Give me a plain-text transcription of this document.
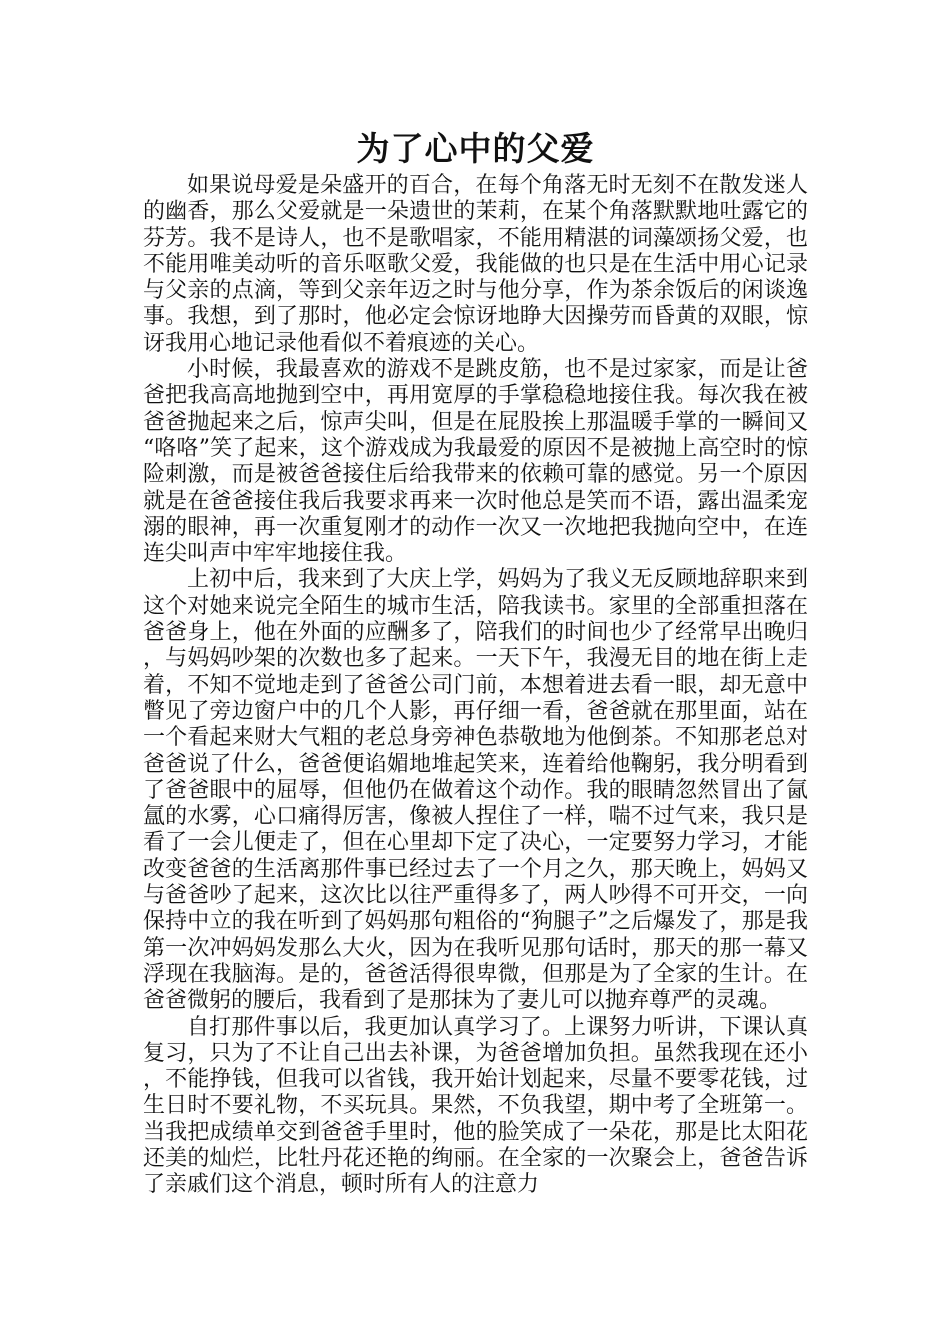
为了心中的父爱

如果说母爱是朵盛开的百合，在每个角落无时无刻不在散发迷人的幽香，那么父爱就是一朵遗世的茉莉，在某个角落默默地吐露它的芬芳。我不是诗人，也不是歌唱家，不能用精湛的词藻颂扬父爱，也不能用唯美动听的音乐呕歌父爱，我能做的也只是在生活中用心记录与父亲的点滴，等到父亲年迈之时与他分享，作为茶余饭后的闲谈逸事。我想，到了那时，他必定会惊讶地睁大因操劳而昏黄的双眼，惊讶我用心地记录他看似不着痕迹的关心。

小时候，我最喜欢的游戏不是跳皮筋，也不是过家家，而是让爸爸把我高高地抛到空中，再用宽厚的手掌稳稳地接住我。每次我在被爸爸抛起来之后，惊声尖叫，但是在屁股挨上那温暖手掌的一瞬间又“咯咯”笑了起来，这个游戏成为我最爱的原因不是被抛上高空时的惊险刺激，而是被爸爸接住后给我带来的依赖可靠的感觉。另一个原因就是在爸爸接住我后我要求再来一次时他总是笑而不语，露出温柔宠溺的眼神，再一次重复刚才的动作一次又一次地把我抛向空中，在连连尖叫声中牢牢地接住我。

上初中后，我来到了大庆上学，妈妈为了我义无反顾地辞职来到这个对她来说完全陌生的城市生活，陪我读书。家里的全部重担落在爸爸身上，他在外面的应酬多了，陪我们的时间也少了经常早出晚归，与妈妈吵架的次数也多了起来。一天下午，我漫无目的地在街上走着，不知不觉地走到了爸爸公司门前，本想着进去看一眼，却无意中瞥见了旁边窗户中的几个人影，再仔细一看，爸爸就在那里面，站在一个看起来财大气粗的老总身旁神色恭敬地为他倒茶。不知那老总对爸爸说了什么，爸爸便谄媚地堆起笑来，连着给他鞠躬，我分明看到了爸爸眼中的屈辱，但他仍在做着这个动作。我的眼睛忽然冒出了氤氲的水雾，心口痛得厉害，像被人捏住了一样，喘不过气来，我只是看了一会儿便走了，但在心里却下定了决心，一定要努力学习，才能改变爸爸的生活离那件事已经过去了一个月之久，那天晚上，妈妈又与爸爸吵了起来，这次比以往严重得多了，两人吵得不可开交，一向保持中立的我在听到了妈妈那句粗俗的“狗腿子”之后爆发了，那是我第一次冲妈妈发那么大火，因为在我听见那句话时，那天的那一幕又浮现在我脑海。是的，爸爸活得很卑微，但那是为了全家的生计。在爸爸微躬的腰后，我看到了是那抹为了妻儿可以抛弃尊严的灵魂。

自打那件事以后，我更加认真学习了。上课努力听讲，下课认真复习，只为了不让自己出去补课，为爸爸增加负担。虽然我现在还小，不能挣钱，但我可以省钱，我开始计划起来，尽量不要零花钱，过生日时不要礼物，不买玩具。果然，不负我望，期中考了全班第一。当我把成绩单交到爸爸手里时，他的脸笑成了一朵花，那是比太阳花还美的灿烂，比牡丹花还艳的绚丽。在全家的一次聚会上，爸爸告诉了亲戚们这个消息，顿时所有人的注意力
